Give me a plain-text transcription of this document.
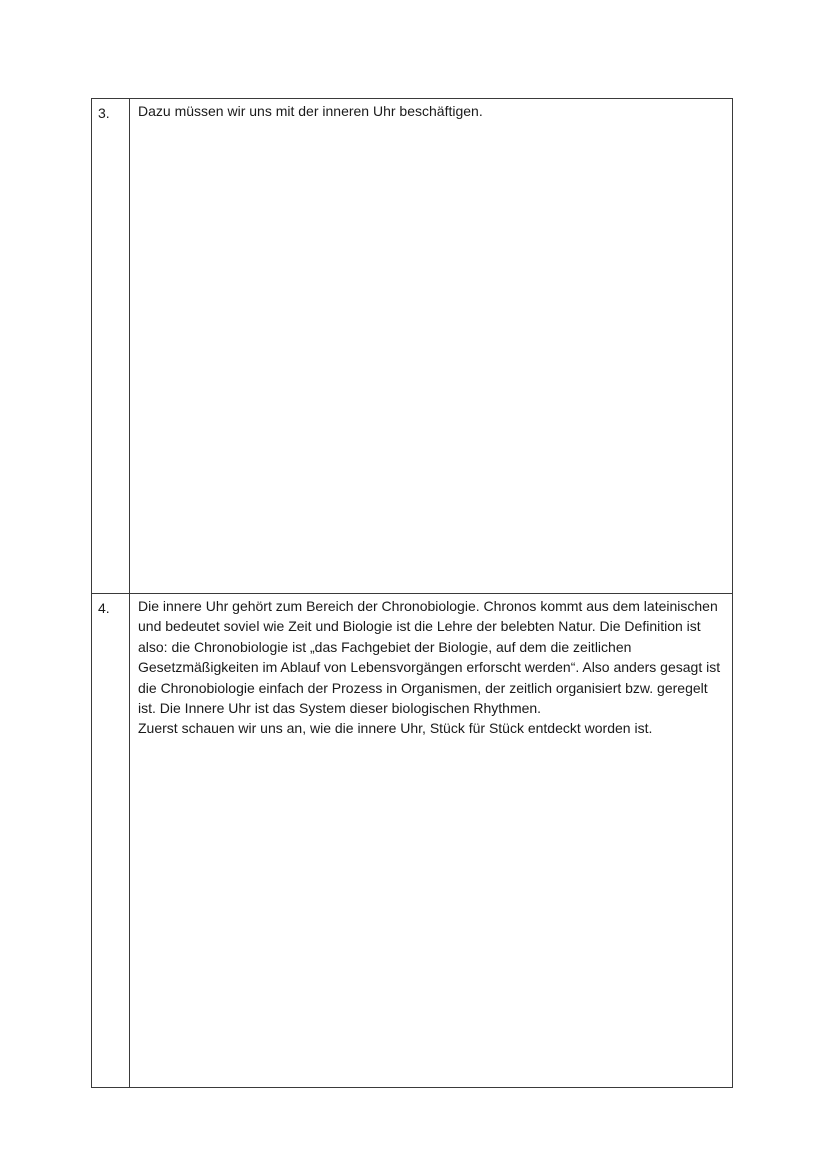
3.	Dazu müssen wir uns mit der inneren Uhr beschäftigen.

4.	Die innere Uhr gehört zum Bereich der Chronobiologie. Chronos kommt aus dem lateinischen und bedeutet soviel wie Zeit und Biologie ist die Lehre der belebten Natur. Die Definition ist also: die Chronobiologie ist „das Fachgebiet der Biologie, auf dem die zeitlichen Gesetzmäßigkeiten im Ablauf von Lebensvorgängen erforscht werden“. Also anders gesagt ist die Chronobiologie einfach der Prozess in Organismen, der zeitlich organisiert bzw. geregelt ist. Die Innere Uhr ist das System dieser biologischen Rhythmen.

Zuerst schauen wir uns an, wie die innere Uhr, Stück für Stück entdeckt worden ist.
